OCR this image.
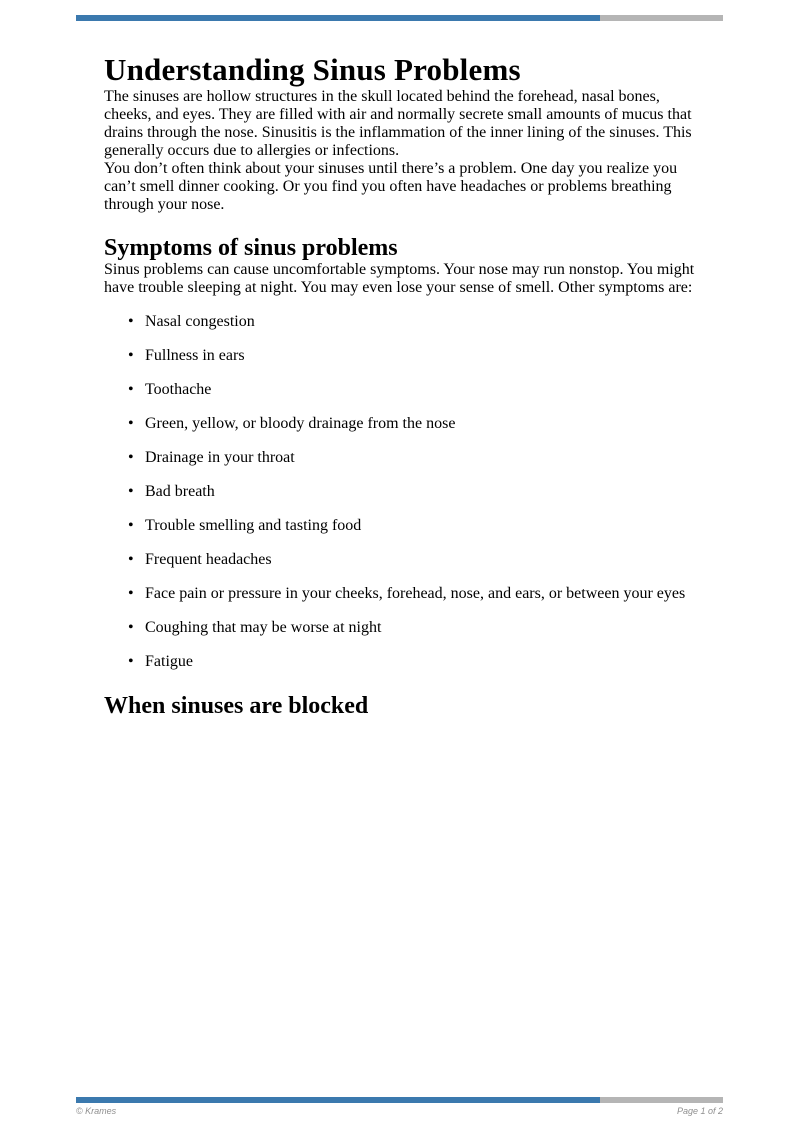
Understanding Sinus Problems

The sinuses are hollow structures in the skull located behind the forehead, nasal bones, cheeks, and eyes. They are filled with air and normally secrete small amounts of mucus that drains through the nose. Sinusitis is the inflammation of the inner lining of the sinuses. This generally occurs due to allergies or infections.

You don’t often think about your sinuses until there’s a problem. One day you realize you can’t smell dinner cooking. Or you find you often have headaches or problems breathing through your nose.

Symptoms of sinus problems

Sinus problems can cause uncomfortable symptoms. Your nose may run nonstop. You might have trouble sleeping at night. You may even lose your sense of smell. Other symptoms are:

• Nasal congestion
• Fullness in ears
• Toothache
• Green, yellow, or bloody drainage from the nose
• Drainage in your throat
• Bad breath
• Trouble smelling and tasting food
• Frequent headaches
• Face pain or pressure in your cheeks, forehead, nose, and ears, or between your eyes
• Coughing that may be worse at night
• Fatigue
When sinuses are blocked
© Krames	Page 1 of 2
